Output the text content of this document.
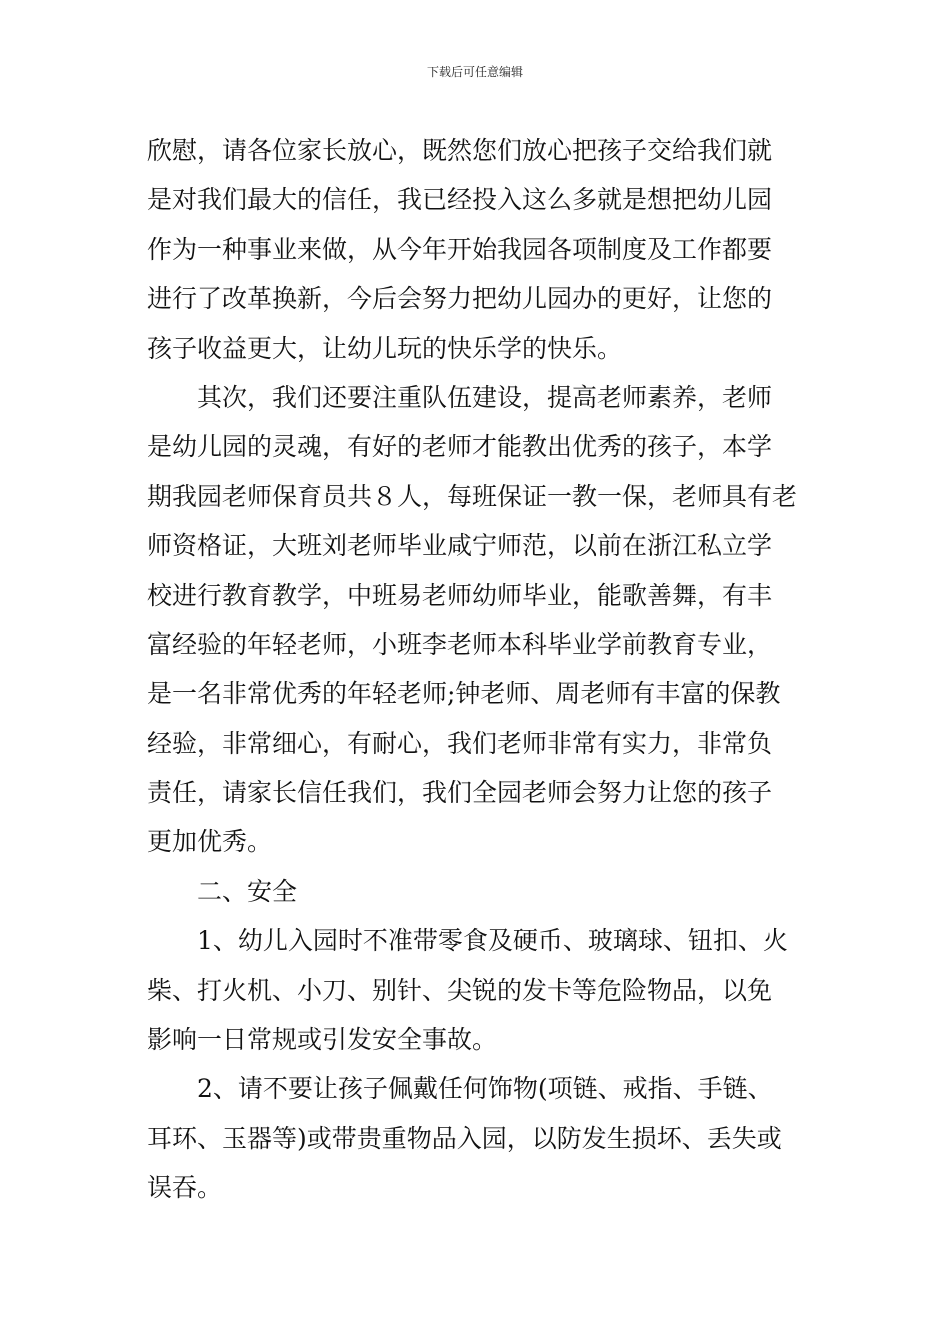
下载后可任意编辑
欣慰，请各位家长放心，既然您们放心把孩子交给我们就
是对我们最大的信任，我已经投入这么多就是想把幼儿园
作为一种事业来做，从今年开始我园各项制度及工作都要
进行了改革换新，今后会努力把幼儿园办的更好，让您的
孩子收益更大，让幼儿玩的快乐学的快乐。
其次，我们还要注重队伍建设，提高老师素养，老师
是幼儿园的灵魂，有好的老师才能教出优秀的孩子，本学
期我园老师保育员共８人，每班保证一教一保，老师具有老
师资格证，大班刘老师毕业咸宁师范，以前在浙江私立学
校进行教育教学，中班易老师幼师毕业，能歌善舞，有丰
富经验的年轻老师，小班李老师本科毕业学前教育专业，
是一名非常优秀的年轻老师;钟老师、周老师有丰富的保教
经验，非常细心，有耐心，我们老师非常有实力，非常负
责任，请家长信任我们，我们全园老师会努力让您的孩子
更加优秀。
二、安全
1、幼儿入园时不准带零食及硬币、玻璃球、钮扣、火
柴、打火机、小刀、别针、尖锐的发卡等危险物品，以免
影响一日常规或引发安全事故。
2、请不要让孩子佩戴任何饰物(项链、戒指、手链、
耳环、玉器等)或带贵重物品入园，以防发生损坏、丢失或
误吞。
